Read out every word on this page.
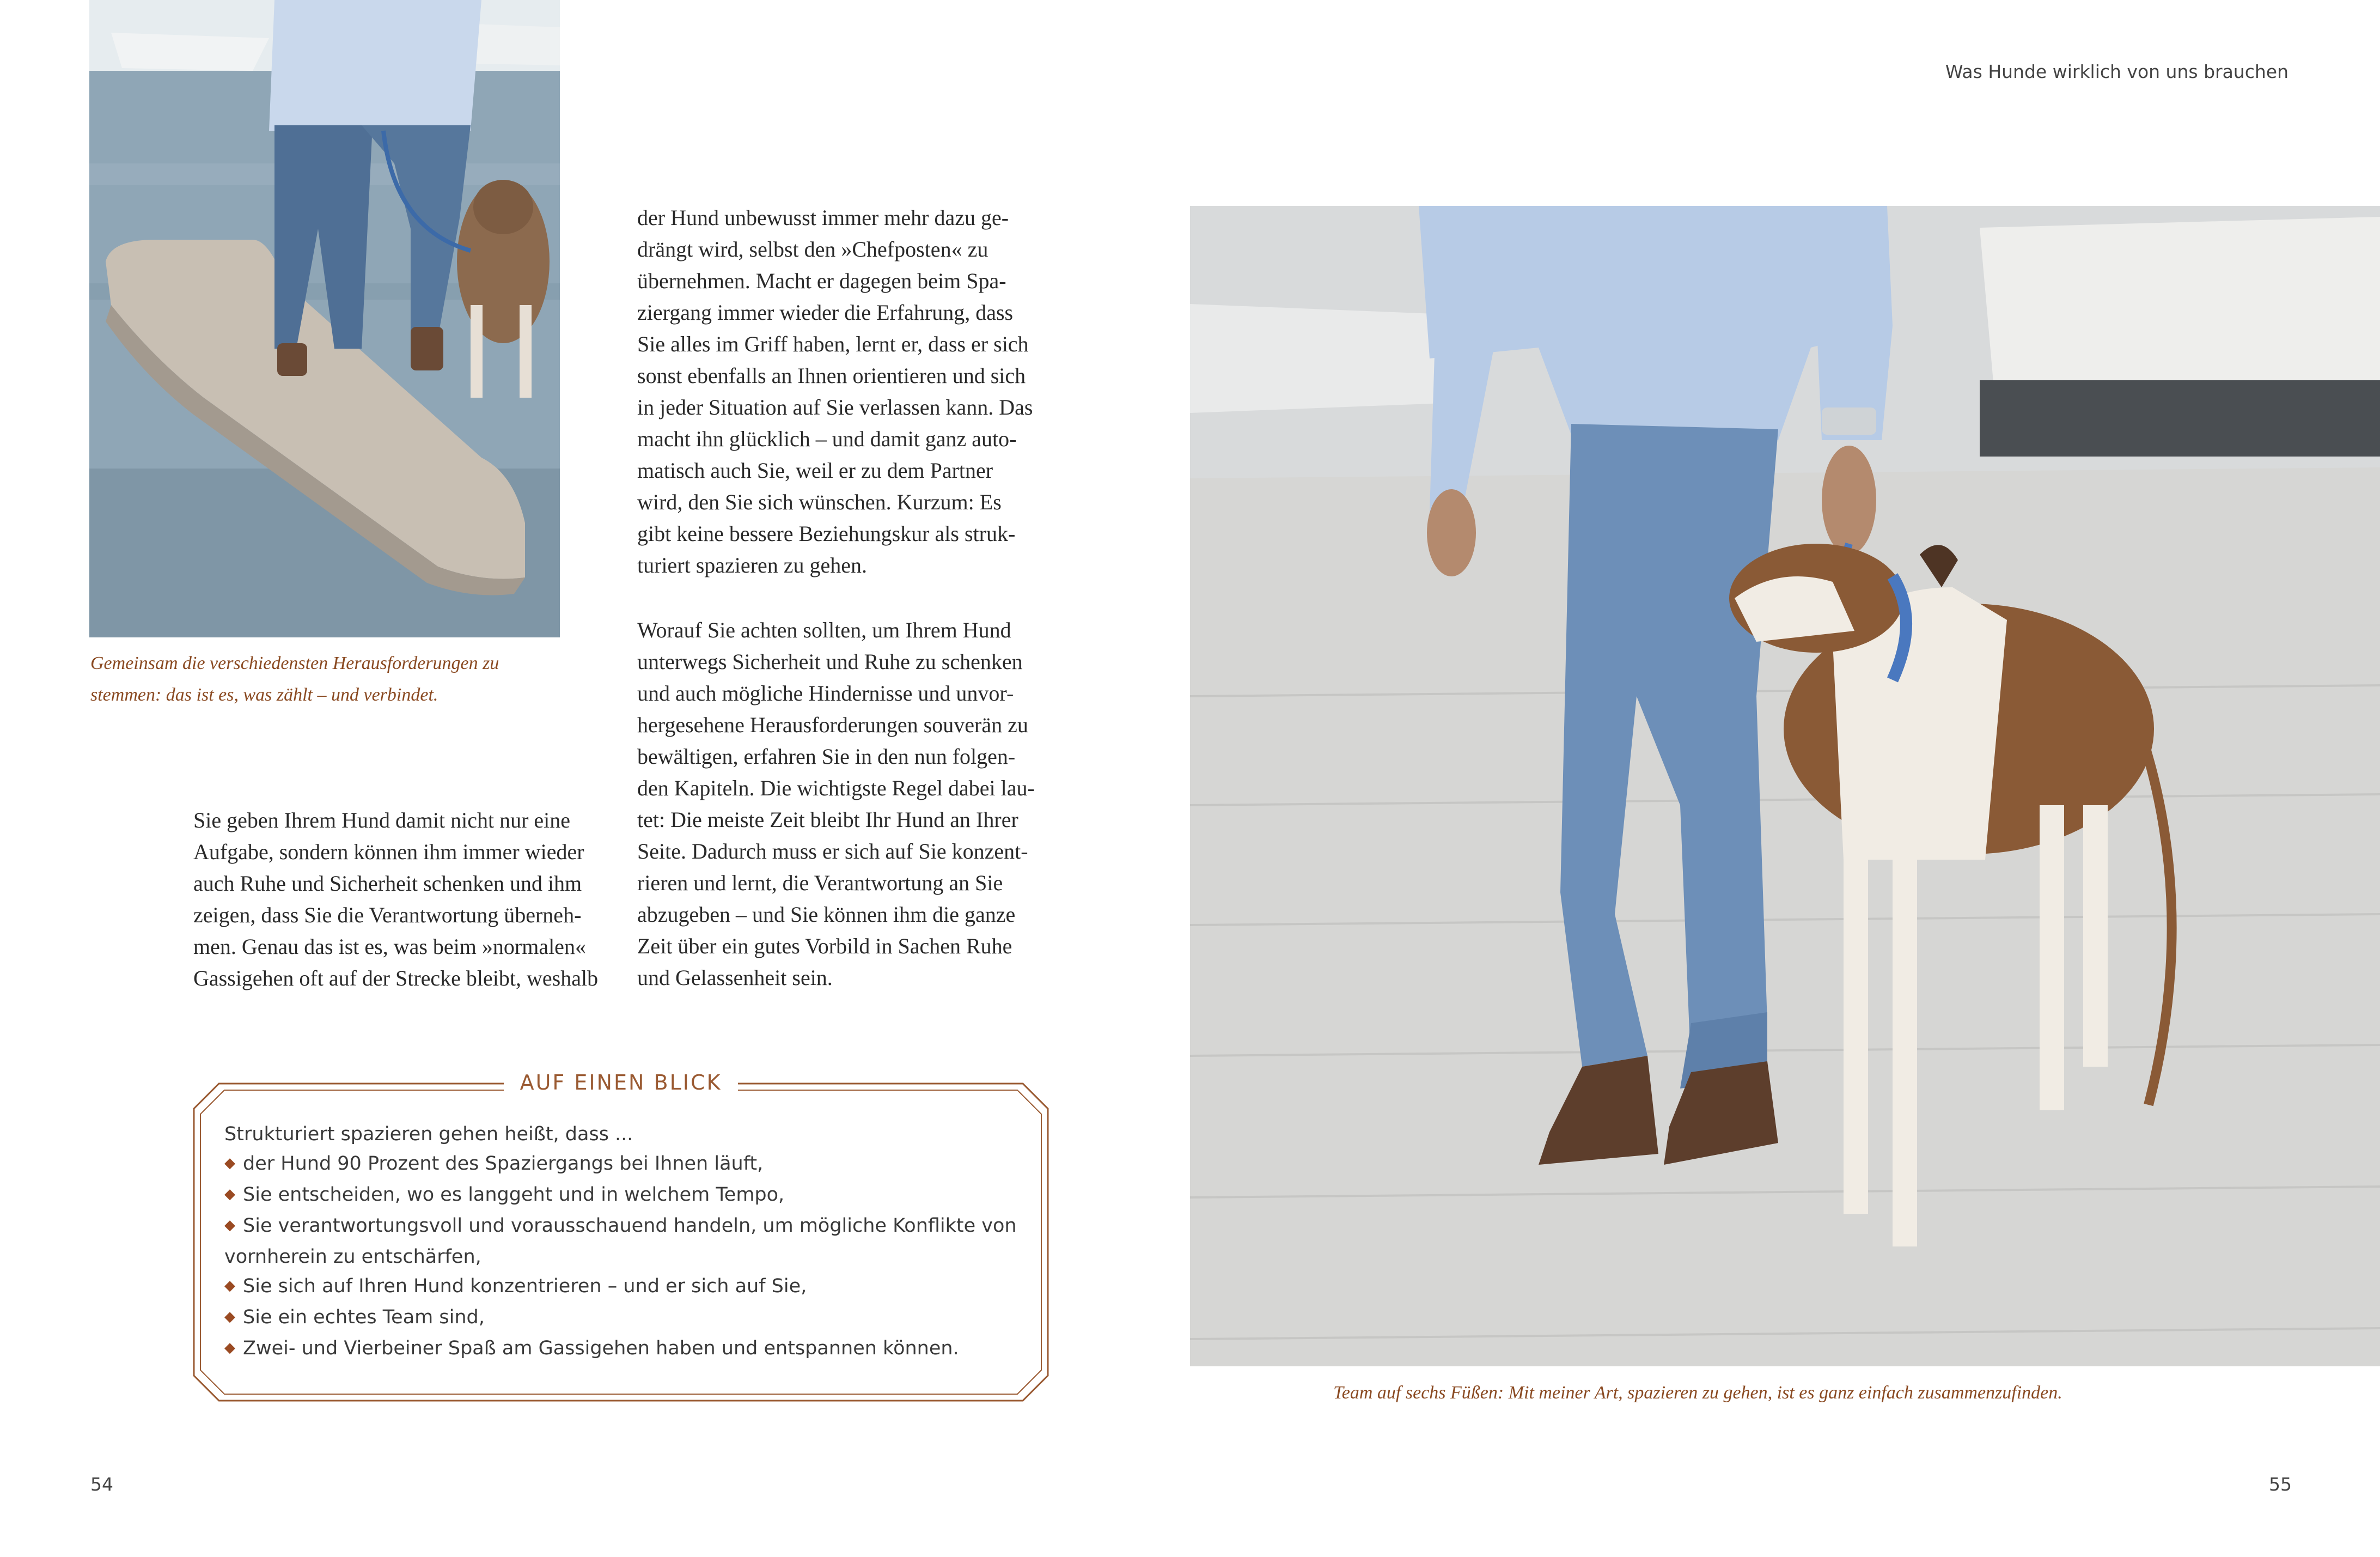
Was Hunde wirklich von uns brauchen
Gemeinsam die verschiedensten Herausforderungen zu
stemmen: das ist es, was zählt – und verbindet.
der Hund unbewusst immer mehr dazu ge-
drängt wird, selbst den »Chefposten« zu
übernehmen. Macht er dagegen beim Spa-
ziergang immer wieder die Erfahrung, dass
Sie alles im Griff haben, lernt er, dass er sich
sonst ebenfalls an Ihnen orientieren und sich
in jeder Situation auf Sie verlassen kann. Das
macht ihn glücklich – und damit ganz auto-
matisch auch Sie, weil er zu dem Partner
wird, den Sie sich wünschen. Kurzum: Es
gibt keine bessere Beziehungskur als struk-
turiert spazieren zu gehen.
Worauf Sie achten sollten, um Ihrem Hund
unterwegs Sicherheit und Ruhe zu schenken
und auch mögliche Hindernisse und unvor-
hergesehene Herausforderungen souverän zu
bewältigen, erfahren Sie in den nun folgen-
den Kapiteln. Die wichtigste Regel dabei lau-
tet: Die meiste Zeit bleibt Ihr Hund an Ihrer
Seite. Dadurch muss er sich auf Sie konzent-
rieren und lernt, die Verantwortung an Sie
abzugeben – und Sie können ihm die ganze
Zeit über ein gutes Vorbild in Sachen Ruhe
und Gelassenheit sein.
Sie geben Ihrem Hund damit nicht nur eine
Aufgabe, sondern können ihm immer wieder
auch Ruhe und Sicherheit schenken und ihm
zeigen, dass Sie die Verantwortung überneh-
men. Genau das ist es, was beim »normalen«
Gassigehen oft auf der Strecke bleibt, weshalb
AUF EINEN BLICK
Strukturiert spazieren gehen heißt, dass ...
◆ der Hund 90 Prozent des Spaziergangs bei Ihnen läuft,
◆ Sie entscheiden, wo es langgeht und in welchem Tempo,
◆ Sie verantwortungsvoll und vorausschauend handeln, um mögliche Konflikte von
vornherein zu entschärfen,
◆ Sie sich auf Ihren Hund konzentrieren – und er sich auf Sie,
◆ Sie ein echtes Team sind,
◆ Zwei- und Vierbeiner Spaß am Gassigehen haben und entspannen können.
Team auf sechs Füßen: Mit meiner Art, spazieren zu gehen, ist es ganz einfach zusammenzufinden.
54	55
